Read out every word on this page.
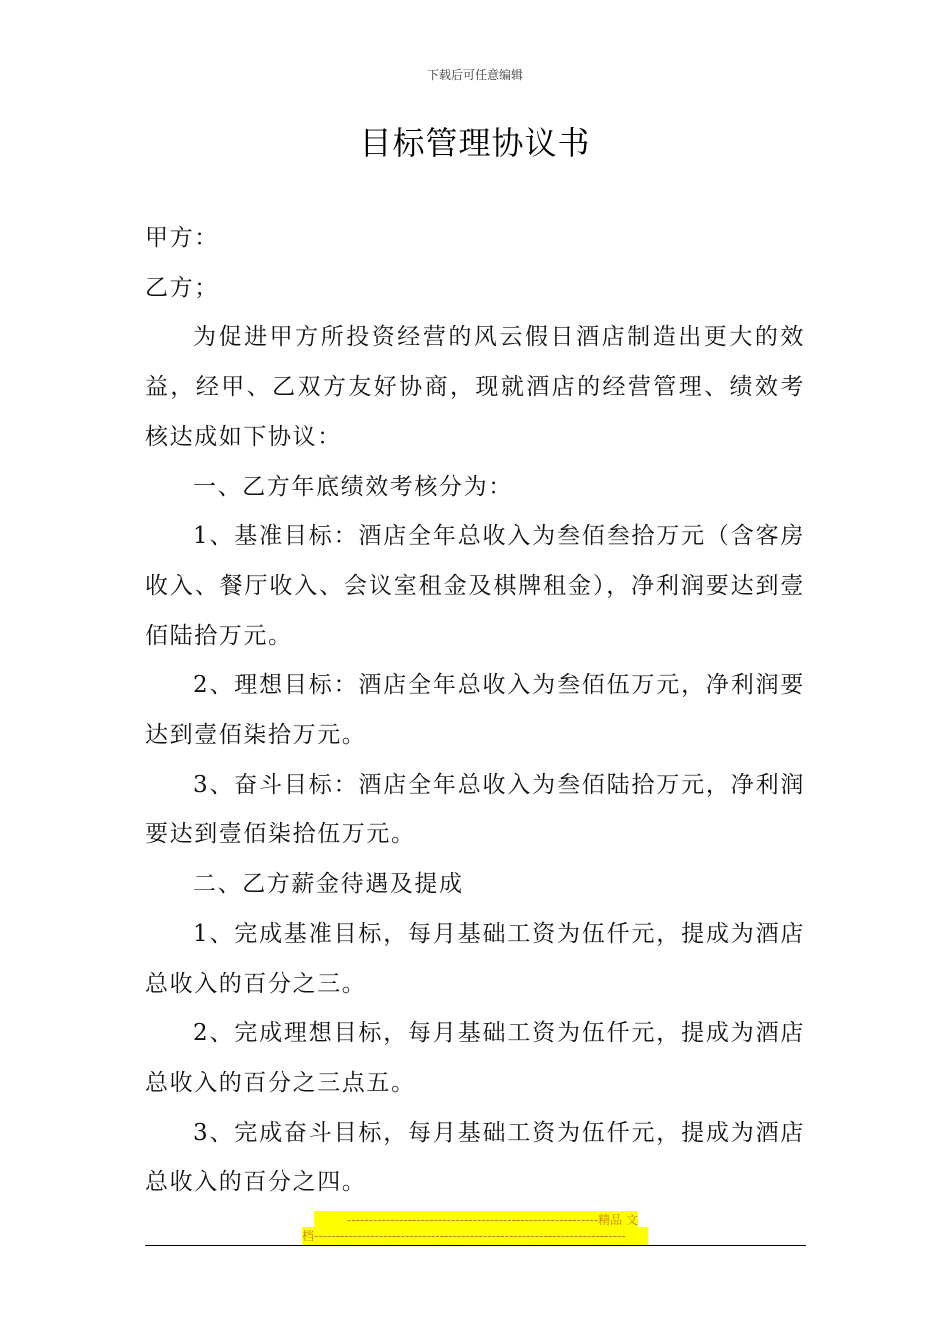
下载后可任意编辑
目标管理协议书

甲方：

乙方；

为促进甲方所投资经营的风云假日酒店制造出更大的效益，经甲、乙双方友好协商，现就酒店的经营管理、绩效考核达成如下协议：

一、乙方年底绩效考核分为：

1、基准目标：酒店全年总收入为叁佰叁拾万元（含客房收入、餐厅收入、会议室租金及棋牌租金），净利润要达到壹佰陆拾万元。

2、理想目标：酒店全年总收入为叁佰伍万元，净利润要达到壹佰柒拾万元。

3、奋斗目标：酒店全年总收入为叁佰陆拾万元，净利润要达到壹佰柒拾伍万元。

二、乙方薪金待遇及提成

1、完成基准目标，每月基础工资为伍仟元，提成为酒店总收入的百分之三。

2、完成理想目标，每月基础工资为伍仟元，提成为酒店总收入的百分之三点五。

3、完成奋斗目标，每月基础工资为伍仟元，提成为酒店总收入的百分之四。

----------------------------------------------------------精品 文
档------------------------------------------------------------------------
